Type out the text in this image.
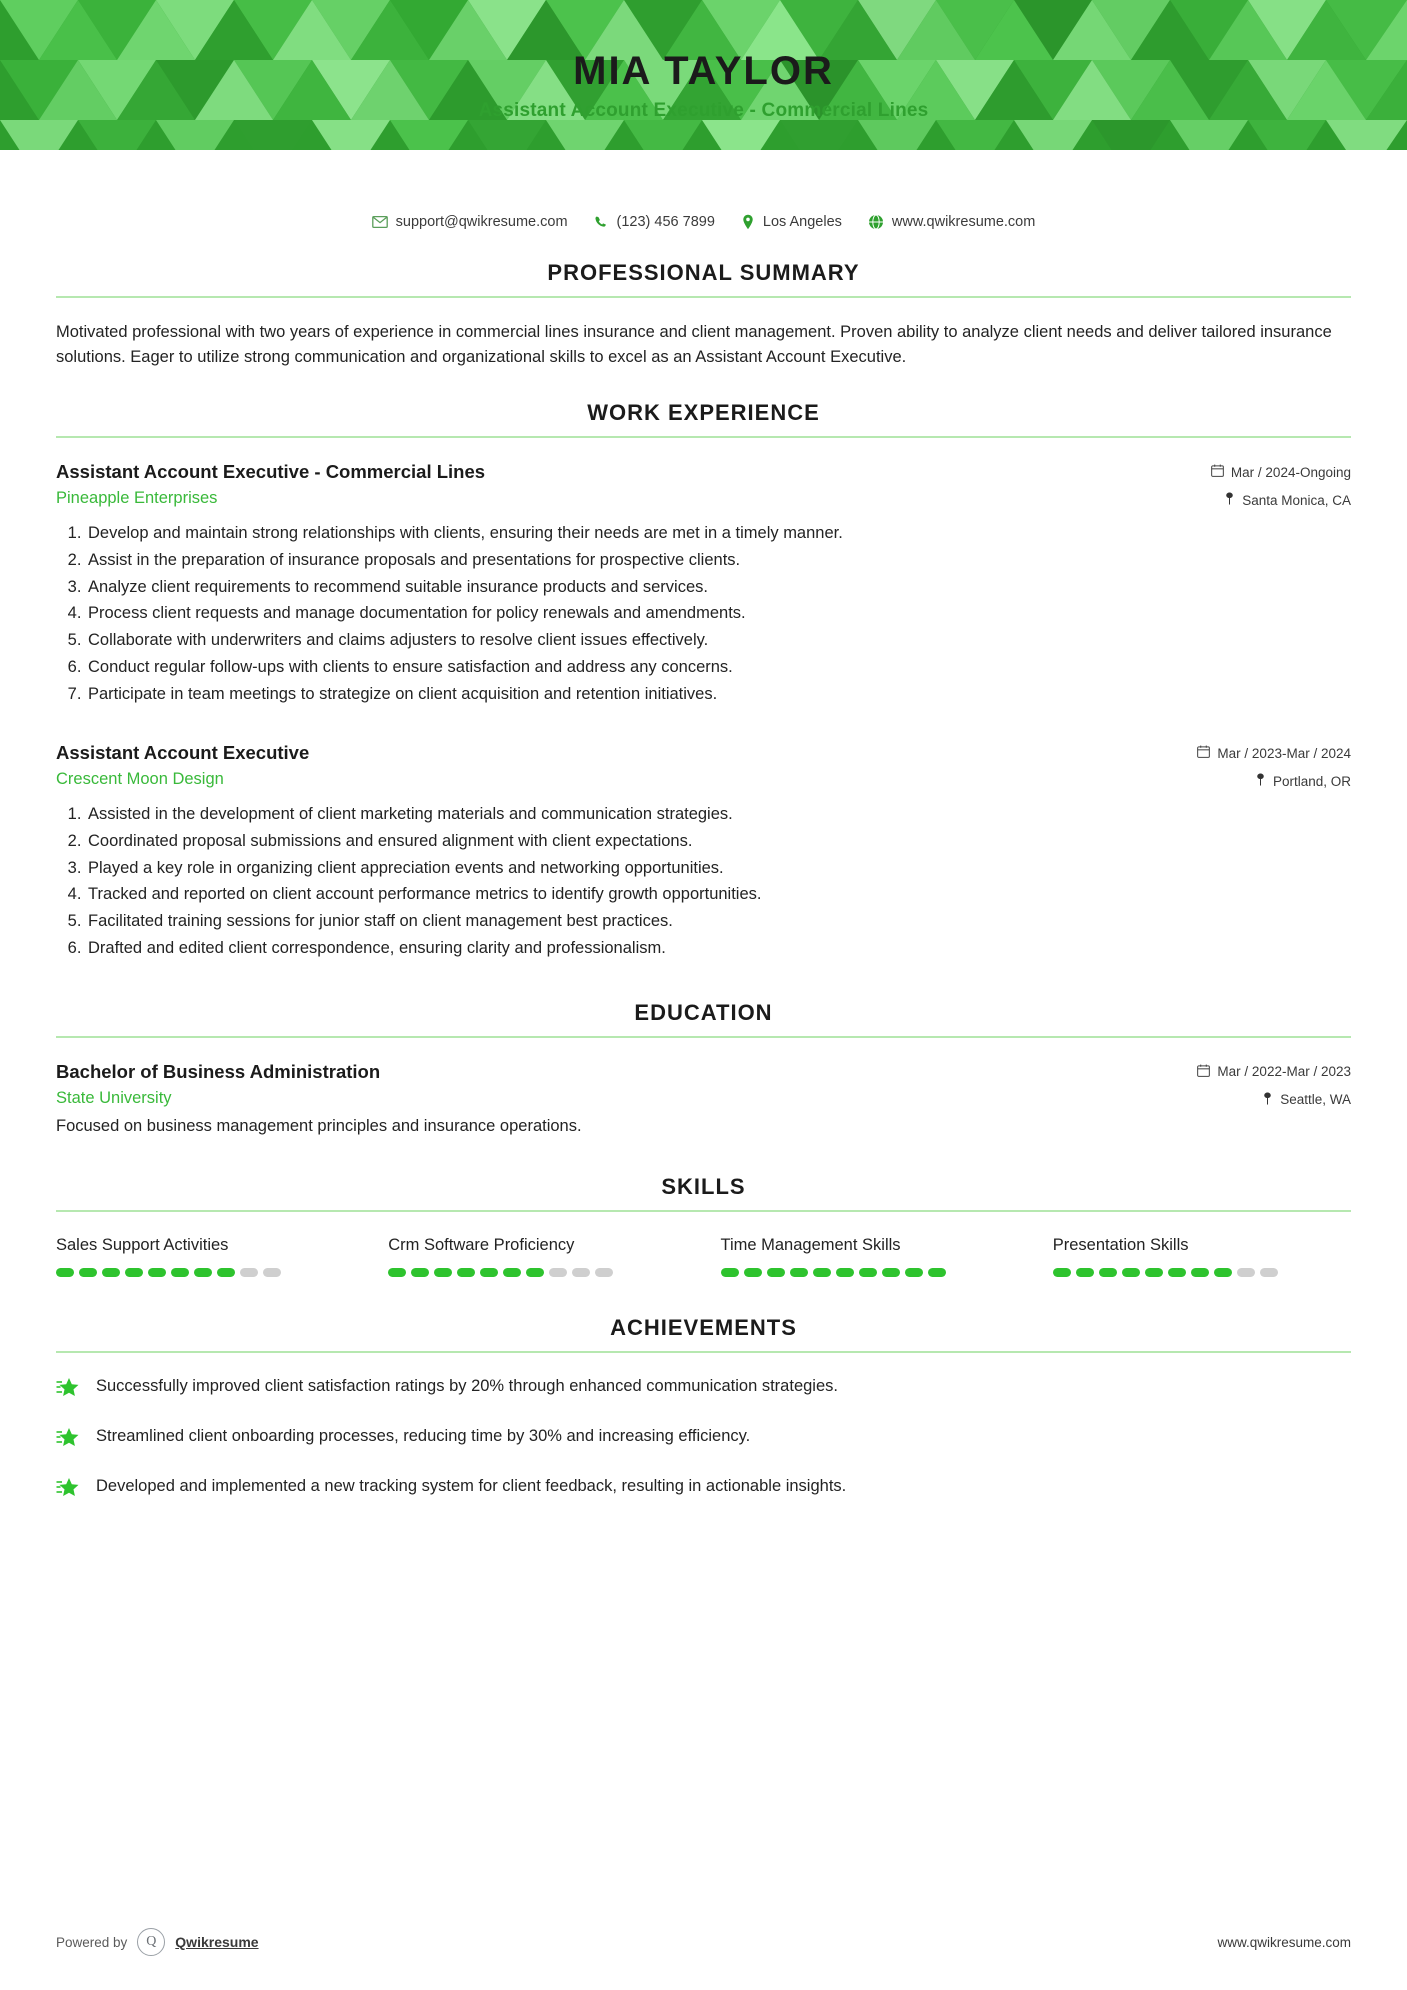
MIA TAYLOR
Assistant Account Executive - Commercial Lines
support@qwikresume.com	(123) 456 7899	Los Angeles	www.qwikresume.com
PROFESSIONAL SUMMARY

Motivated professional with two years of experience in commercial lines insurance and client management. Proven ability to analyze client needs and deliver tailored insurance solutions. Eager to utilize strong communication and organizational skills to excel as an Assistant Account Executive.

WORK EXPERIENCE
Assistant Account Executive - Commercial Lines
Pineapple Enterprises
Mar / 2024-Ongoing
Santa Monica, CA
1. Develop and maintain strong relationships with clients, ensuring their needs are met in a timely manner.
2. Assist in the preparation of insurance proposals and presentations for prospective clients.
3. Analyze client requirements to recommend suitable insurance products and services.
4. Process client requests and manage documentation for policy renewals and amendments.
5. Collaborate with underwriters and claims adjusters to resolve client issues effectively.
6. Conduct regular follow-ups with clients to ensure satisfaction and address any concerns.
7. Participate in team meetings to strategize on client acquisition and retention initiatives.
Assistant Account Executive
Crescent Moon Design
Mar / 2023-Mar / 2024
Portland, OR
1. Assisted in the development of client marketing materials and communication strategies.
2. Coordinated proposal submissions and ensured alignment with client expectations.
3. Played a key role in organizing client appreciation events and networking opportunities.
4. Tracked and reported on client account performance metrics to identify growth opportunities.
5. Facilitated training sessions for junior staff on client management best practices.
6. Drafted and edited client correspondence, ensuring clarity and professionalism.
EDUCATION
Bachelor of Business Administration
State University
Mar / 2022-Mar / 2023
Seattle, WA
Focused on business management principles and insurance operations.
SKILLS
Sales Support Activities	Crm Software Proficiency	Time Management Skills	Presentation Skills
ACHIEVEMENTS
Successfully improved client satisfaction ratings by 20% through enhanced communication strategies.
Streamlined client onboarding processes, reducing time by 30% and increasing efficiency.
Developed and implemented a new tracking system for client feedback, resulting in actionable insights.
Powered by	Q	Qwikresume	www.qwikresume.com
